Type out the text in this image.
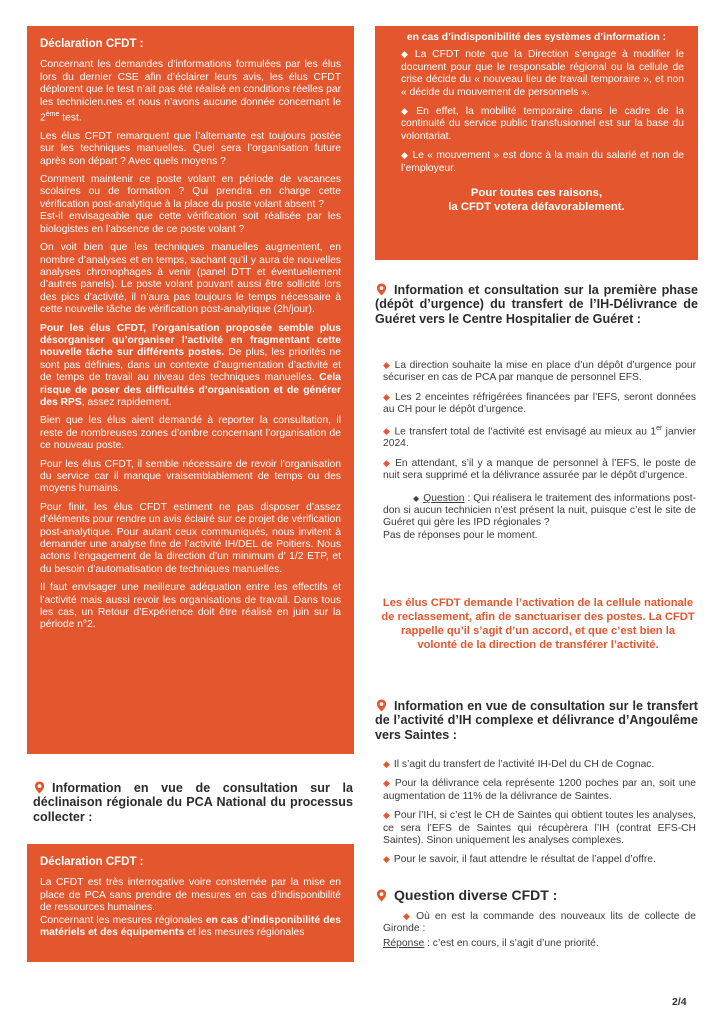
Déclaration CFDT :

Concernant les demandes d’informations formulées par les élus lors du dernier CSE afin d’éclairer leurs avis, les élus CFDT déplorent que le test n’ait pas été réalisé en conditions réelles par les technicien.nes et nous n’avons aucune donnée concernant le 2ème test.

Les élus CFDT remarquent que l’alternante est toujours postée sur les techniques manuelles. Quel sera l’organisation future après son départ ? Avec quels moyens ?

Comment maintenir ce poste volant en période de vacances scolaires ou de formation ? Qui prendra en charge cette vérification post-analytique à la place du poste volant absent ?

Est-il envisageable que cette vérification soit réalisée par les biologistes en l’absence de ce poste volant ?

On voit bien que les techniques manuelles augmentent, en nombre d’analyses et en temps, sachant qu’il y aura de nouvelles analyses chronophages à venir (panel DTT et éventuellement d’autres panels). Le poste volant pouvant aussi être sollicité lors des pics d’activité, il n’aura pas toujours le temps nécessaire à cette nouvelle tâche de vérification post-analytique (2h/jour).

Pour les élus CFDT, l’organisation proposée semble plus désorganiser qu’organiser l’activité en fragmentant cette nouvelle tâche sur différents postes. De plus, les priorités ne sont pas définies, dans un contexte d’augmentation d’activité et de temps de travail au niveau des techniques manuelles. Cela risque de poser des difficultés d’organisation et de générer des RPS, assez rapidement.

Bien que les élus aient demandé à reporter la consultation, il reste de nombreuses zones d’ombre concernant l’organisation de ce nouveau poste.

Pour les élus CFDT, il semble nécessaire de revoir l’organisation du service car il manque vraisemblablement de temps ou des moyens humains.

Pour finir, les élus CFDT estiment ne pas disposer d’assez d’éléments pour rendre un avis éclairé sur ce projet de vérification post-analytique. Pour autant ceux communiqués, nous invitent à demander une analyse fine de l’activité IH/DEL de Poitiers. Nous actons l’engagement de la direction d’un minimum d’ 1/2 ETP, et du besoin d’automatisation de techniques manuelles.

Il faut envisager une meilleure adéquation entre les effectifs et l’activité mais aussi revoir les organisations de travail. Dans tous les cas, un Retour d’Expérience doit être réalisé en juin sur la période n°2.

Information en vue de consultation sur la déclinaison régionale du PCA National du processus collecter :

Déclaration CFDT :

La CFDT est très interrogative voire consternée par la mise en place de PCA sans prendre de mesures en cas d’indisponibilité de ressources humaines.

Concernant les mesures régionales en cas d’indisponibilité des matériels et des équipements et les mesures régionales

en cas d’indisponibilité des systèmes d’information :

◆ La CFDT note que la Direction s’engage à modifier le document pour que le responsable régional ou la cellule de crise décide du « nouveau lieu de travail temporaire », et non « décide du mouvement de personnels ».

◆ En effet, la mobilité temporaire dans le cadre de la continuité du service public transfusionnel est sur la base du volontariat.

◆ Le « mouvement » est donc à la main du salarié et non de l’employeur.

Pour toutes ces raisons,

la CFDT votera défavorablement.

Information et consultation sur la première phase (dépôt d’urgence) du transfert de l’IH-Délivrance de Guéret vers le Centre Hospitalier de Guéret :

◆ La direction souhaite la mise en place d’un dépôt d’urgence pour sécuriser en cas de PCA par manque de personnel EFS.

◆ Les 2 enceintes réfrigérées financées par l’EFS, seront données au CH pour le dépôt d’urgence.

◆ Le transfert total de l’activité est envisagé au mieux au 1er janvier 2024.

◆ En attendant, s’il y a manque de personnel à l’EFS, le poste de nuit sera supprimé et la délivrance assurée par le dépôt d’urgence.

◆ Question : Qui réalisera le traitement des informations post-don si aucun technicien n’est présent la nuit, puisque c’est le site de Guéret qui gère les IPD régionales ?

Pas de réponses pour le moment.

Les élus CFDT demande l’activation de la cellule nationale de reclassement, afin de sanctuariser des postes. La CFDT rappelle qu’il s’agit d’un accord, et que c’est bien la volonté de la direction de transférer l’activité.
Information en vue de consultation sur le transfert de l’activité d’IH complexe et délivrance d’Angoulême vers Saintes :

◆ Il s’agit du transfert de l’activité IH-Del du CH de Cognac.

◆ Pour la délivrance cela représente 1200 poches par an, soit une augmentation de 11% de la délivrance de Saintes.

◆ Pour l’IH, si c’est le CH de Saintes qui obtient toutes les analyses, ce sera l’EFS de Saintes qui récupèrera l’IH (contrat EFS-CH Saintes). Sinon uniquement les analyses complexes.

◆ Pour le savoir, il faut attendre le résultat de l’appel d’offre.

Question diverse CFDT :

◆ Où en est la commande des nouveaux lits de collecte de Gironde :

Réponse : c’est en cours, il s’agit d’une priorité.

2/4
